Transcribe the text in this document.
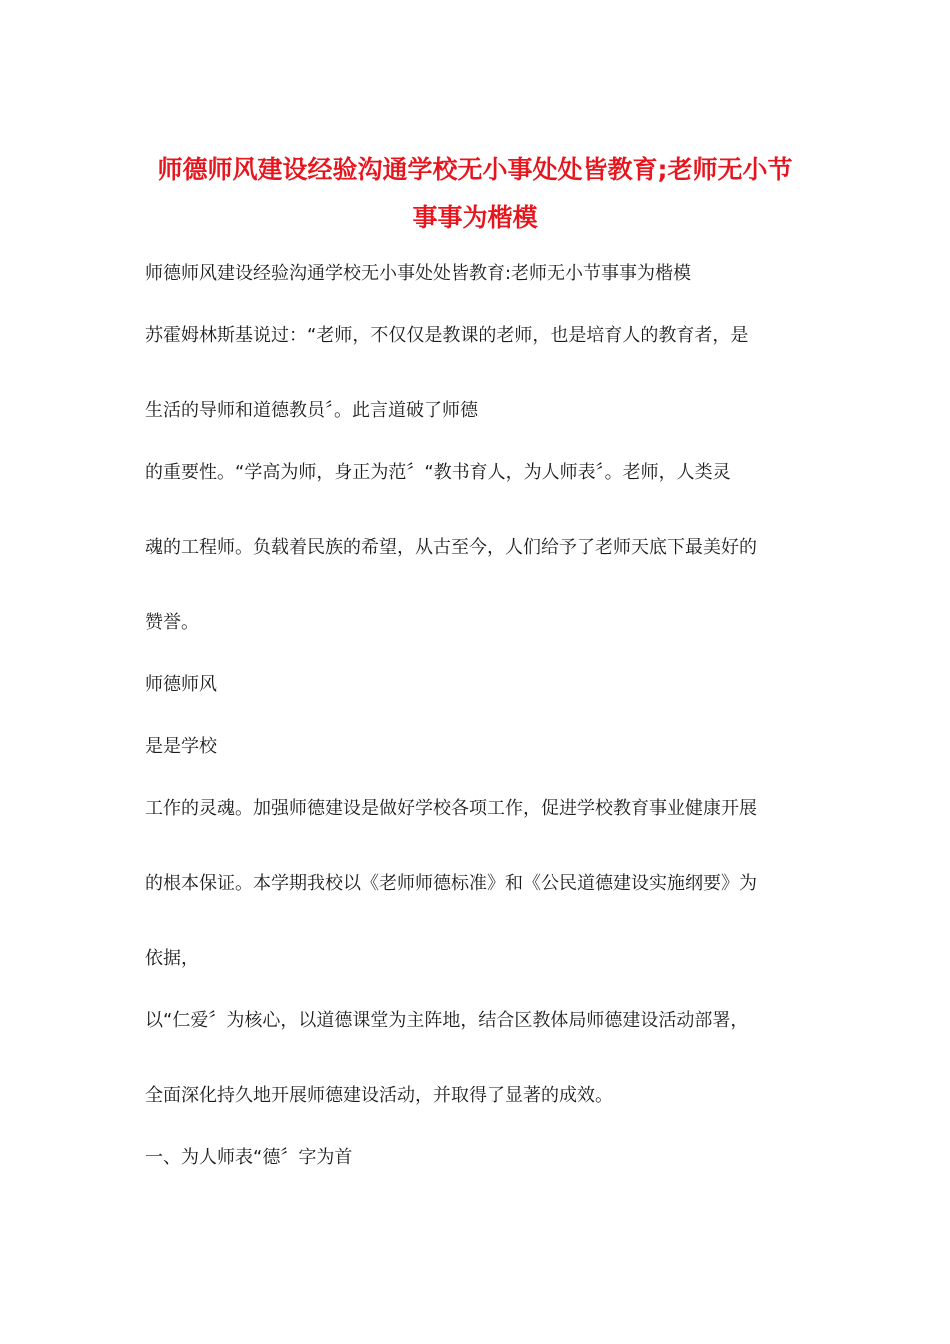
师德师风建设经验沟通学校无小事处处皆教育;老师无小节
事事为楷模
师德师风建设经验沟通学校无小事处处皆教育:老师无小节事事为楷模
苏霍姆林斯基说过：“老师，不仅仅是教课的老师，也是培育人的教育者，是
生活的导师和道德教员〞。此言道破了师德
的重要性。“学高为师，身正为范〞“教书育人，为人师表〞。老师，人类灵
魂的工程师。负载着民族的希望，从古至今，人们给予了老师天底下最美好的
赞誉。
师德师风
是是学校
工作的灵魂。加强师德建设是做好学校各项工作，促进学校教育事业健康开展
的根本保证。本学期我校以《老师师德标准》和《公民道德建设实施纲要》为
依据，
以“仁爱〞为核心，以道德课堂为主阵地，结合区教体局师德建设活动部署，
全面深化持久地开展师德建设活动，并取得了显著的成效。
一、为人师表“德〞字为首
